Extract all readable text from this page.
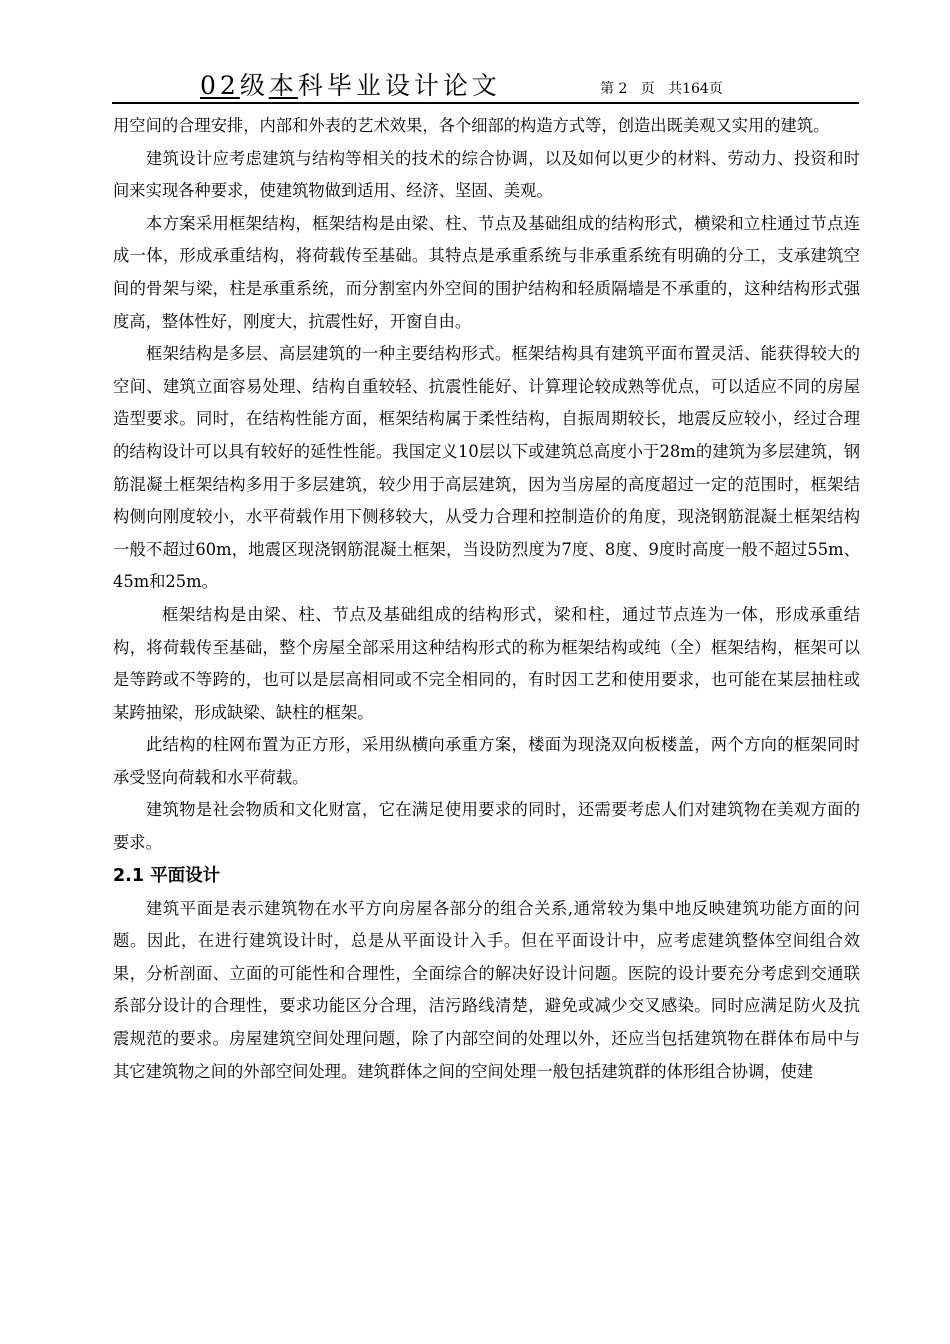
02级本科毕业设计论文	第 2 页 共164页

用空间的合理安排，内部和外表的艺术效果，各个细部的构造方式等，创造出既美观又实用的建筑。

建筑设计应考虑建筑与结构等相关的技术的综合协调，以及如何以更少的材料、劳动力、投资和时间来实现各种要求，使建筑物做到适用、经济、坚固、美观。

本方案采用框架结构，框架结构是由梁、柱、节点及基础组成的结构形式，横梁和立柱通过节点连成一体，形成承重结构，将荷载传至基础。其特点是承重系统与非承重系统有明确的分工，支承建筑空间的骨架与梁，柱是承重系统，而分割室内外空间的围护结构和轻质隔墙是不承重的，这种结构形式强度高，整体性好，刚度大，抗震性好，开窗自由。

框架结构是多层、高层建筑的一种主要结构形式。框架结构具有建筑平面布置灵活、能获得较大的空间、建筑立面容易处理、结构自重较轻、抗震性能好、计算理论较成熟等优点，可以适应不同的房屋造型要求。同时，在结构性能方面，框架结构属于柔性结构，自振周期较长，地震反应较小，经过合理的结构设计可以具有较好的延性性能。我国定义10层以下或建筑总高度小于28m的建筑为多层建筑，钢筋混凝土框架结构多用于多层建筑，较少用于高层建筑，因为当房屋的高度超过一定的范围时，框架结构侧向刚度较小，水平荷载作用下侧移较大，从受力合理和控制造价的角度，现浇钢筋混凝土框架结构一般不超过60m，地震区现浇钢筋混凝土框架，当设防烈度为7度、8度、9度时高度一般不超过55m、45m和25m。

框架结构是由梁、柱、节点及基础组成的结构形式，梁和柱，通过节点连为一体，形成承重结构，将荷载传至基础，整个房屋全部采用这种结构形式的称为框架结构或纯（全）框架结构，框架可以是等跨或不等跨的，也可以是层高相同或不完全相同的，有时因工艺和使用要求，也可能在某层抽柱或某跨抽梁，形成缺梁、缺柱的框架。

此结构的柱网布置为正方形，采用纵横向承重方案，楼面为现浇双向板楼盖，两个方向的框架同时承受竖向荷载和水平荷载。

建筑物是社会物质和文化财富，它在满足使用要求的同时，还需要考虑人们对建筑物在美观方面的要求。

2.1 平面设计

建筑平面是表示建筑物在水平方向房屋各部分的组合关系,通常较为集中地反映建筑功能方面的问题。因此，在进行建筑设计时，总是从平面设计入手。但在平面设计中，应考虑建筑整体空间组合效果，分析剖面、立面的可能性和合理性，全面综合的解决好设计问题。医院的设计要充分考虑到交通联系部分设计的合理性，要求功能区分合理，洁污路线清楚，避免或减少交叉感染。同时应满足防火及抗震规范的要求。房屋建筑空间处理问题，除了内部空间的处理以外，还应当包括建筑物在群体布局中与其它建筑物之间的外部空间处理。建筑群体之间的空间处理一般包括建筑群的体形组合协调，使建
